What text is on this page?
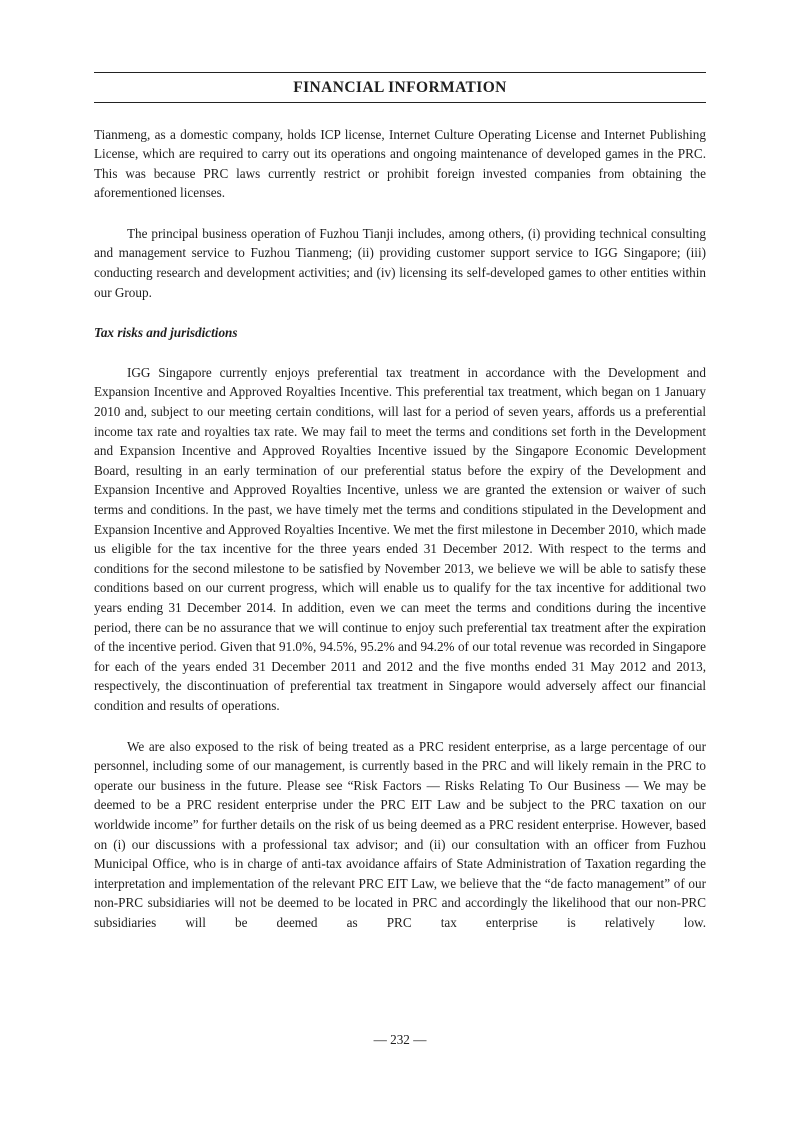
FINANCIAL INFORMATION

Tianmeng, as a domestic company, holds ICP license, Internet Culture Operating License and Internet Publishing License, which are required to carry out its operations and ongoing maintenance of developed games in the PRC. This was because PRC laws currently restrict or prohibit foreign invested companies from obtaining the aforementioned licenses.

The principal business operation of Fuzhou Tianji includes, among others, (i) providing technical consulting and management service to Fuzhou Tianmeng; (ii) providing customer support service to IGG Singapore; (iii) conducting research and development activities; and (iv) licensing its self-developed games to other entities within our Group.

Tax risks and jurisdictions

IGG Singapore currently enjoys preferential tax treatment in accordance with the Development and Expansion Incentive and Approved Royalties Incentive. This preferential tax treatment, which began on 1 January 2010 and, subject to our meeting certain conditions, will last for a period of seven years, affords us a preferential income tax rate and royalties tax rate. We may fail to meet the terms and conditions set forth in the Development and Expansion Incentive and Approved Royalties Incentive issued by the Singapore Economic Development Board, resulting in an early termination of our preferential status before the expiry of the Development and Expansion Incentive and Approved Royalties Incentive, unless we are granted the extension or waiver of such terms and conditions. In the past, we have timely met the terms and conditions stipulated in the Development and Expansion Incentive and Approved Royalties Incentive. We met the first milestone in December 2010, which made us eligible for the tax incentive for the three years ended 31 December 2012. With respect to the terms and conditions for the second milestone to be satisfied by November 2013, we believe we will be able to satisfy these conditions based on our current progress, which will enable us to qualify for the tax incentive for additional two years ending 31 December 2014. In addition, even we can meet the terms and conditions during the incentive period, there can be no assurance that we will continue to enjoy such preferential tax treatment after the expiration of the incentive period. Given that 91.0%, 94.5%, 95.2% and 94.2% of our total revenue was recorded in Singapore for each of the years ended 31 December 2011 and 2012 and the five months ended 31 May 2012 and 2013, respectively, the discontinuation of preferential tax treatment in Singapore would adversely affect our financial condition and results of operations.

We are also exposed to the risk of being treated as a PRC resident enterprise, as a large percentage of our personnel, including some of our management, is currently based in the PRC and will likely remain in the PRC to operate our business in the future. Please see “Risk Factors — Risks Relating To Our Business — We may be deemed to be a PRC resident enterprise under the PRC EIT Law and be subject to the PRC taxation on our worldwide income” for further details on the risk of us being deemed as a PRC resident enterprise. However, based on (i) our discussions with a professional tax advisor; and (ii) our consultation with an officer from Fuzhou Municipal Office, who is in charge of anti-tax avoidance affairs of State Administration of Taxation regarding the interpretation and implementation of the relevant PRC EIT Law, we believe that the “de facto management” of our non-PRC subsidiaries will not be deemed to be located in PRC and accordingly the likelihood that our non-PRC subsidiaries will be deemed as PRC tax enterprise is relatively low.

— 232 —
